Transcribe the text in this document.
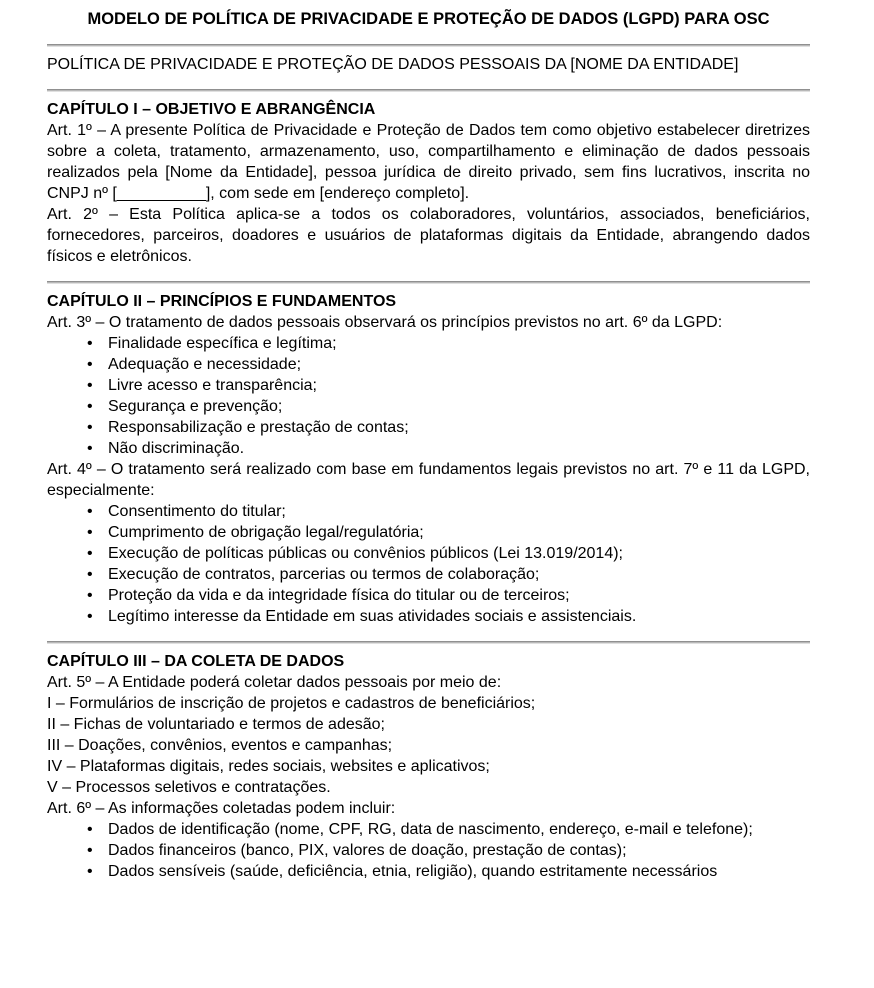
MODELO DE POLÍTICA DE PRIVACIDADE E PROTEÇÃO DE DADOS (LGPD) PARA OSC

POLÍTICA DE PRIVACIDADE E PROTEÇÃO DE DADOS PESSOAIS DA [NOME DA ENTIDADE]

CAPÍTULO I – OBJETIVO E ABRANGÊNCIA

Art. 1º – A presente Política de Privacidade e Proteção de Dados tem como objetivo estabelecer diretrizes sobre a coleta, tratamento, armazenamento, uso, compartilhamento e eliminação de dados pessoais realizados pela [Nome da Entidade], pessoa jurídica de direito privado, sem fins lucrativos, inscrita no CNPJ nº [__________], com sede em [endereço completo].

Art. 2º – Esta Política aplica-se a todos os colaboradores, voluntários, associados, beneficiários, fornecedores, parceiros, doadores e usuários de plataformas digitais da Entidade, abrangendo dados físicos e eletrônicos.

CAPÍTULO II – PRINCÍPIOS E FUNDAMENTOS

Art. 3º – O tratamento de dados pessoais observará os princípios previstos no art. 6º da LGPD:

• Finalidade específica e legítima;
• Adequação e necessidade;
• Livre acesso e transparência;
• Segurança e prevenção;
• Responsabilização e prestação de contas;
• Não discriminação.

Art. 4º – O tratamento será realizado com base em fundamentos legais previstos no art. 7º e 11 da LGPD, especialmente:

• Consentimento do titular;
• Cumprimento de obrigação legal/regulatória;
• Execução de políticas públicas ou convênios públicos (Lei 13.019/2014);
• Execução de contratos, parcerias ou termos de colaboração;
• Proteção da vida e da integridade física do titular ou de terceiros;
• Legítimo interesse da Entidade em suas atividades sociais e assistenciais.
CAPÍTULO III – DA COLETA DE DADOS

Art. 5º – A Entidade poderá coletar dados pessoais por meio de:

I – Formulários de inscrição de projetos e cadastros de beneficiários;

II – Fichas de voluntariado e termos de adesão;

III – Doações, convênios, eventos e campanhas;

IV – Plataformas digitais, redes sociais, websites e aplicativos;

V – Processos seletivos e contratações.

Art. 6º – As informações coletadas podem incluir:

• Dados de identificação (nome, CPF, RG, data de nascimento, endereço, e-mail e telefone);
• Dados financeiros (banco, PIX, valores de doação, prestação de contas);
• Dados sensíveis (saúde, deficiência, etnia, religião), quando estritamente necessários
